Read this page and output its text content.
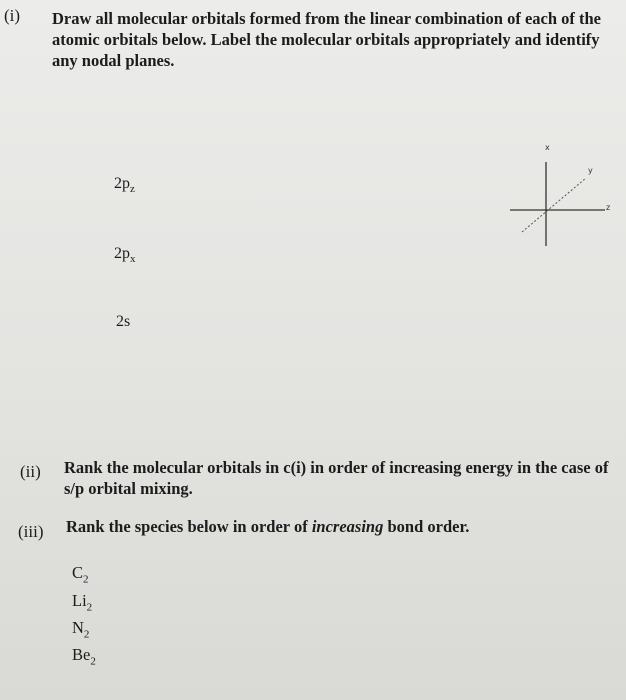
(i) Draw all molecular orbitals formed from the linear combination of each of the atomic orbitals below. Label the molecular orbitals appropriately and identify any nodal planes.
$2p_z$
$2p_x$
2s
x
y
z
(ii) Rank the molecular orbitals in c(i) in order of increasing energy in the case of
s/p orbital mixing.
(iii) Rank the species below in order of increasing bond order.
$C_2$
$Li_2$
$N_2$
$Be_2$
